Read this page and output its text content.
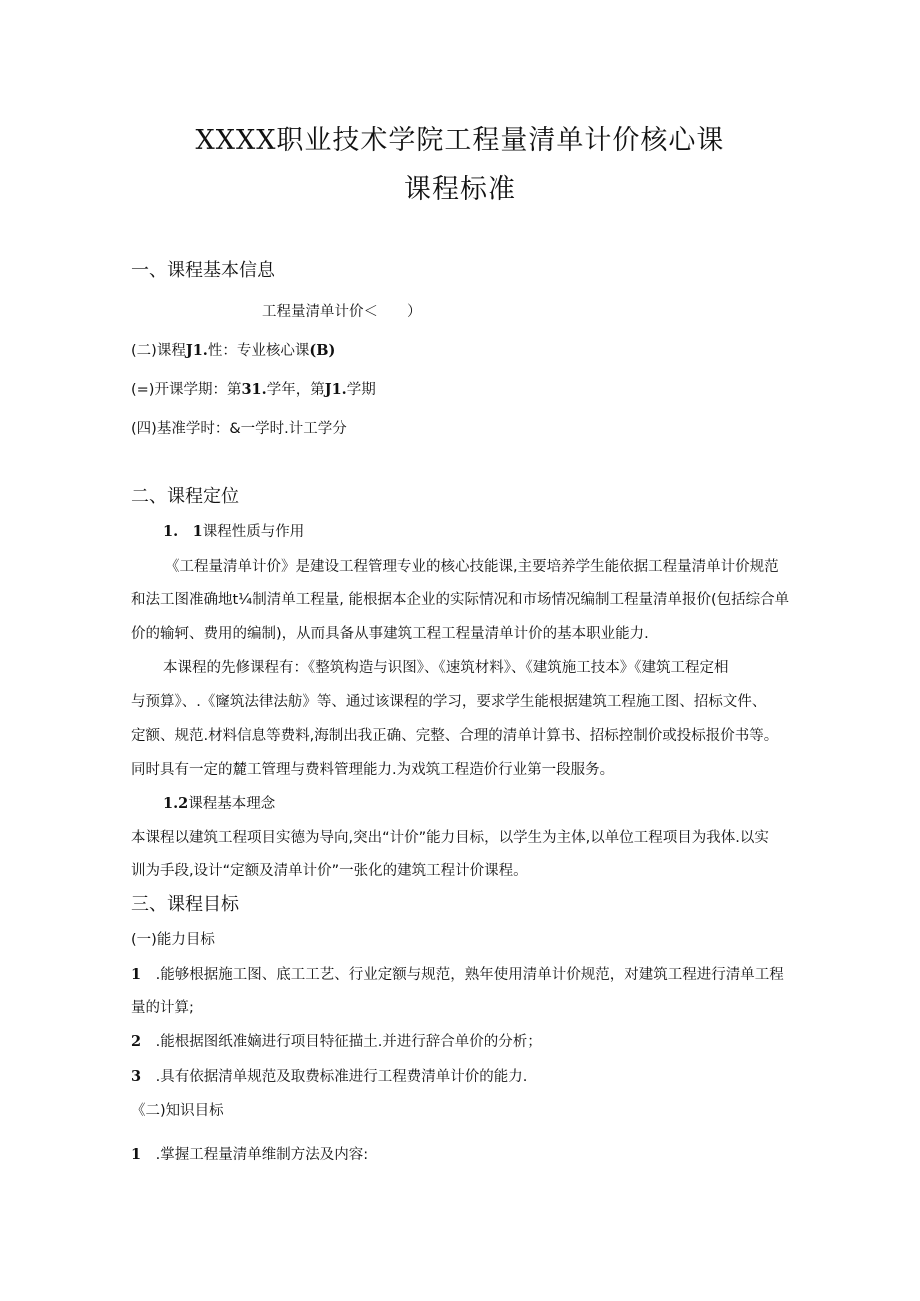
XXXX职业技术学院工程量清单计价核心课
课程标准
一、课程基本信息
工程量清单计价＜　　）
(二)课程J1.性：专业核心课(B)
(=)开课学期：第31.学年，第J1.学期
(四)基准学时：&一学时.计工学分
二、课程定位
1.　1课程性质与作用
《工程量清单计价》是建设工程管理专业的核心技能课,主要培养学生能依据工程量清单计价规范
和法工图准确地t¼制清单工程量, 能根据本企业的实际情况和市场情况编制工程量清单报价(包括综合单
价的输轲、费用的编制)，从而具备从事建筑工程工程量清单计价的基本职业能力.
本课程的先修课程有：《整筑构造与识图》、《速筑材料》、《建筑施工技本》《建筑工程定相
与预算》、.《窿筑法律法舫》等、通过该课程的学习，要求学生能根据建筑工程施工图、招标文件、
定额、规范.材料信息等费料,海制出我正确、完整、合理的清单计算书、招标控制价或投标报价书等。
同时具有一定的麓工管理与费料管理能力.为戏筑工程造价行业第一段服务。
1.2课程基本理念
本课程以建筑工程项目实德为导向,突出“计价”能力目标，以学生为主体,以单位工程项目为我体.以实
训为手段,设计“定额及清单计价”一张化的建筑工程计价课程。
三、课程目标
(一)能力目标
1　 .能够根据施工图、底工工艺、行业定额与规范，熟年使用清单计价规范，对建筑工程进行清单工程
量的计算;
2　 .能根据图纸准嫡进行项目特征描土.并进行辞合单价的分析；
3　 .具有依据清单规范及取费标准进行工程费清单计价的能力.
《二)知识目标
1　 .掌握工程量清单维制方法及内容:
